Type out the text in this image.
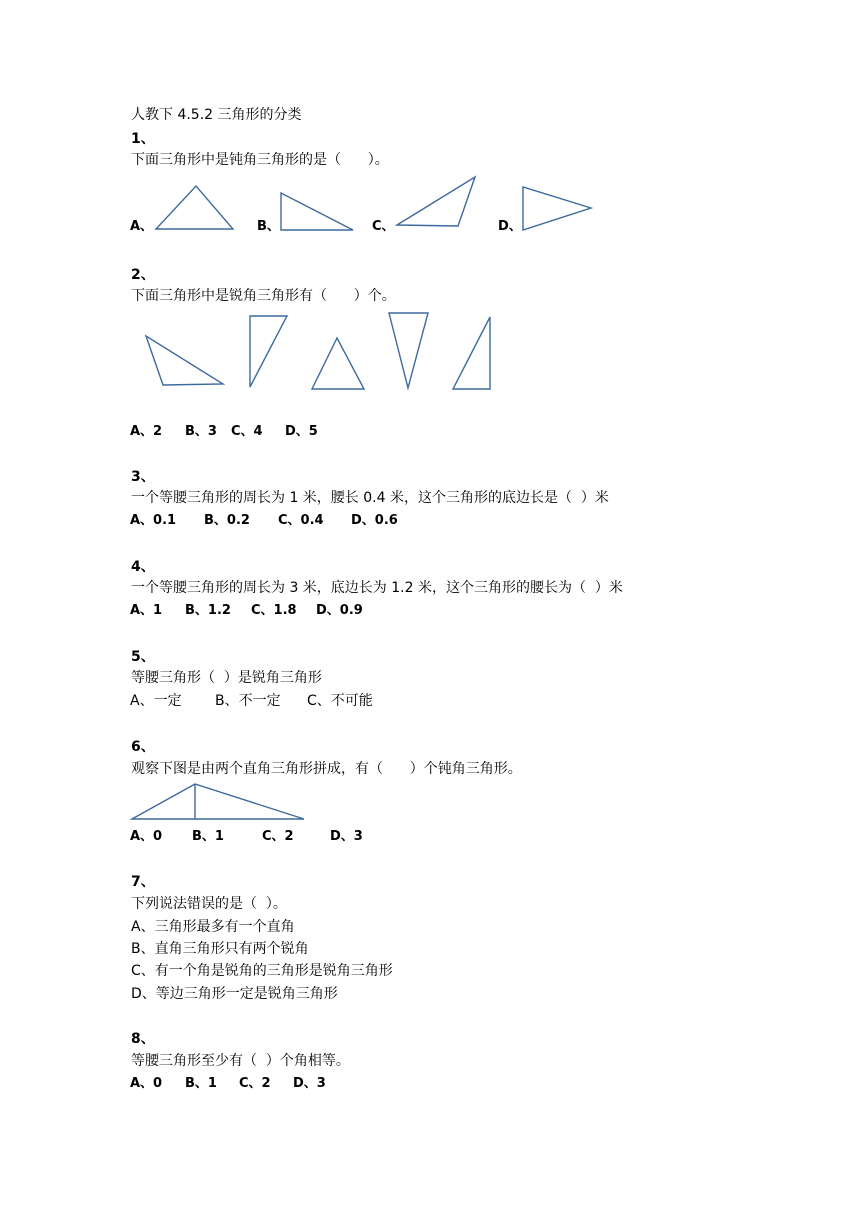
人教下 4.5.2 三角形的分类
1、
下面三角形中是钝角三角形的是（      ）。
A、	B、	C、	D、
2、
下面三角形中是锐角三角形有（      ）个。
A、2 B、3 C、4 D、5
3、
一个等腰三角形的周长为 1 米，腰长 0.4 米，这个三角形的底边长是（  ）米
A、0.1 B、0.2 C、0.4 D、0.6
4、
一个等腰三角形的周长为 3 米，底边长为 1.2 米，这个三角形的腰长为（  ）米
A、1 B、1.2 C、1.8 D、0.9
5、
等腰三角形（  ）是锐角三角形
A、一定 B、不一定 C、不可能
6、
观察下图是由两个直角三角形拼成，有（      ）个钝角三角形。
A、0 B、1	C、2	D、3
7、
下列说法错误的是（  ）。
A、三角形最多有一个直角
B、直角三角形只有两个锐角
C、有一个角是锐角的三角形是锐角三角形
D、等边三角形一定是锐角三角形
8、
等腰三角形至少有（  ）个角相等。
A、0 B、1 C、2 D、3
